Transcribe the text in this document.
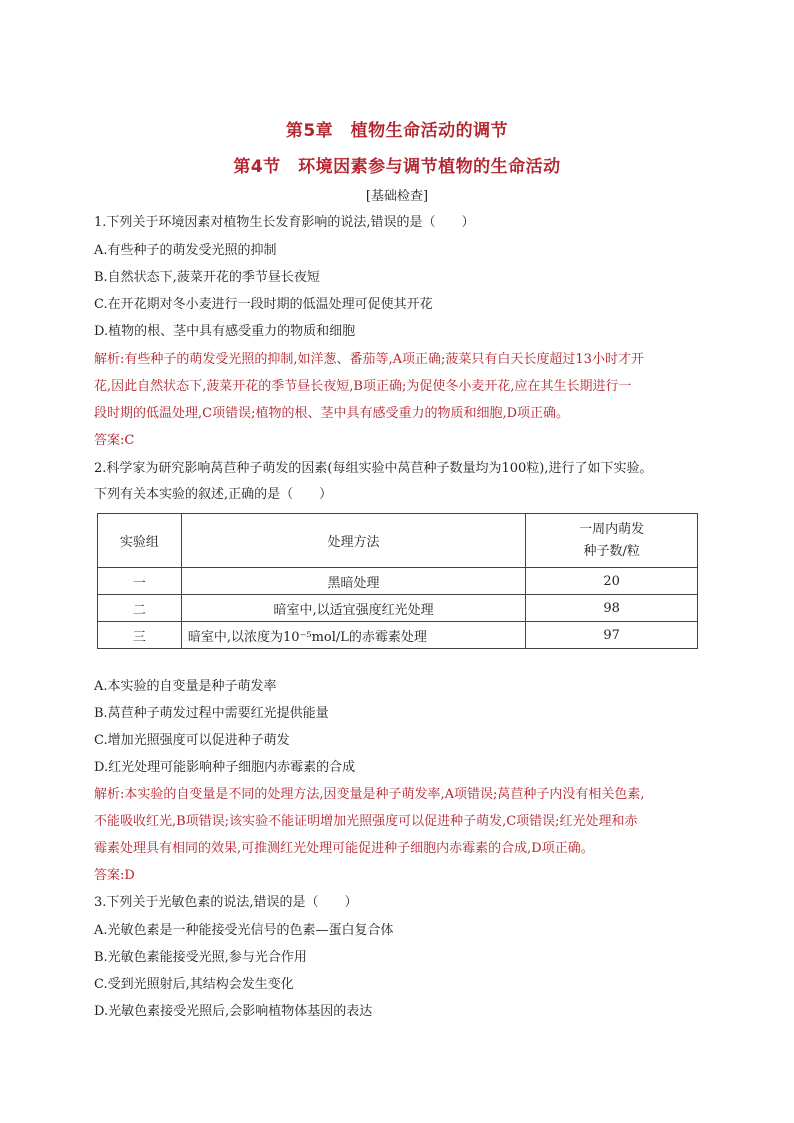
第5章　植物生命活动的调节
第4节　环境因素参与调节植物的生命活动
[基础检查]
1.下列关于环境因素对植物生长发育影响的说法,错误的是（　　）
A.有些种子的萌发受光照的抑制
B.自然状态下,菠菜开花的季节昼长夜短
C.在开花期对冬小麦进行一段时期的低温处理可促使其开花
D.植物的根、茎中具有感受重力的物质和细胞
解析:有些种子的萌发受光照的抑制,如洋葱、番茄等,A项正确;菠菜只有白天长度超过13小时才开
花,因此自然状态下,菠菜开花的季节昼长夜短,B项正确;为促使冬小麦开花,应在其生长期进行一
段时期的低温处理,C项错误;植物的根、茎中具有感受重力的物质和细胞,D项正确。
答案:C
2.科学家为研究影响莴苣种子萌发的因素(每组实验中莴苣种子数量均为100粒),进行了如下实验。
下列有关本实验的叙述,正确的是（　　）
实验组	处理方法	一周内萌发
种子数/粒

一	黑暗处理	20
二	暗室中,以适宜强度红光处理	98
三	暗室中,以浓度为10⁻⁵mol/L的赤霉素处理	97
A.本实验的自变量是种子萌发率
B.莴苣种子萌发过程中需要红光提供能量
C.增加光照强度可以促进种子萌发
D.红光处理可能影响种子细胞内赤霉素的合成
解析:本实验的自变量是不同的处理方法,因变量是种子萌发率,A项错误;莴苣种子内没有相关色素,
不能吸收红光,B项错误;该实验不能证明增加光照强度可以促进种子萌发,C项错误;红光处理和赤
霉素处理具有相同的效果,可推测红光处理可能促进种子细胞内赤霉素的合成,D项正确。
答案:D
3.下列关于光敏色素的说法,错误的是（　　）
A.光敏色素是一种能接受光信号的色素—蛋白复合体
B.光敏色素能接受光照,参与光合作用
C.受到光照射后,其结构会发生变化
D.光敏色素接受光照后,会影响植物体基因的表达
